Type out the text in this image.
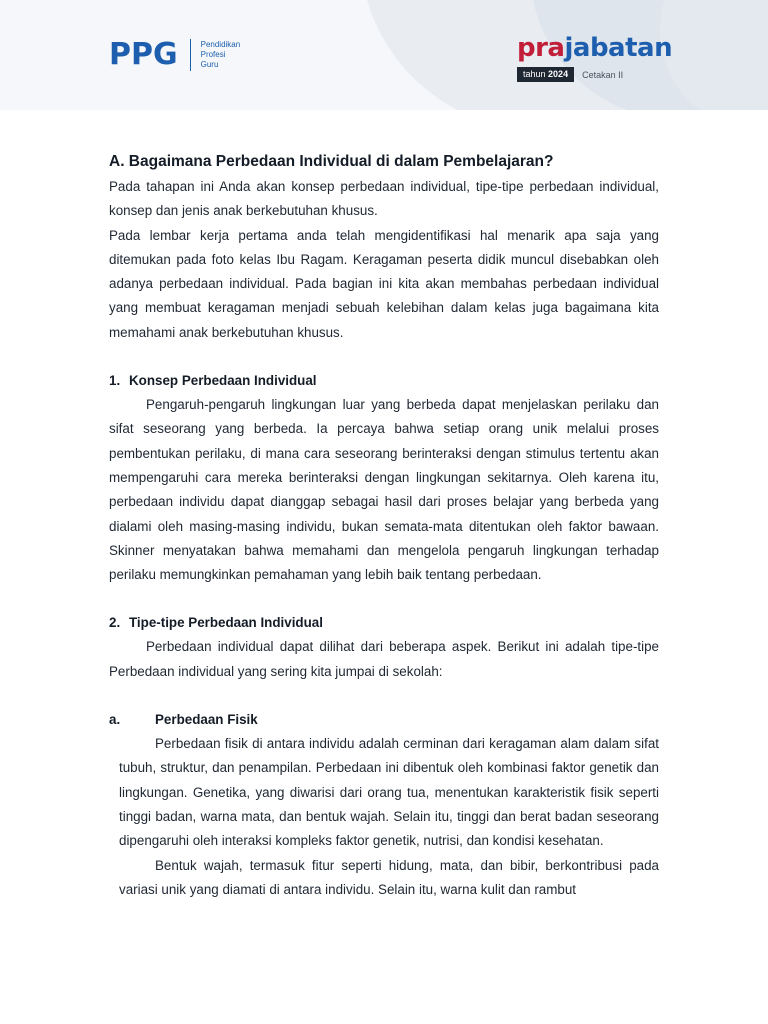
PPG	Pendidikan
Profesi
Guru
prajabatan
tahun 2024	Cetakan II
A. Bagaimana Perbedaan Individual di dalam Pembelajaran?

Pada tahapan ini Anda akan konsep perbedaan individual, tipe-tipe perbedaan individual, konsep dan jenis anak berkebutuhan khusus.

Pada lembar kerja pertama anda telah mengidentifikasi hal menarik apa saja yang ditemukan pada foto kelas Ibu Ragam. Keragaman peserta didik muncul disebabkan oleh adanya perbedaan individual. Pada bagian ini kita akan membahas perbedaan individual yang membuat keragaman menjadi sebuah kelebihan dalam kelas juga bagaimana kita memahami anak berkebutuhan khusus.

1. Konsep Perbedaan Individual

Pengaruh-pengaruh lingkungan luar yang berbeda dapat menjelaskan perilaku dan sifat seseorang yang berbeda. Ia percaya bahwa setiap orang unik melalui proses pembentukan perilaku, di mana cara seseorang berinteraksi dengan stimulus tertentu akan mempengaruhi cara mereka berinteraksi dengan lingkungan sekitarnya. Oleh karena itu, perbedaan individu dapat dianggap sebagai hasil dari proses belajar yang berbeda yang dialami oleh masing-masing individu, bukan semata-mata ditentukan oleh faktor bawaan. Skinner menyatakan bahwa memahami dan mengelola pengaruh lingkungan terhadap perilaku memungkinkan pemahaman yang lebih baik tentang perbedaan.

2. Tipe-tipe Perbedaan Individual

Perbedaan individual dapat dilihat dari beberapa aspek. Berikut ini adalah tipe-tipe Perbedaan individual yang sering kita jumpai di sekolah:

a.	Perbedaan Fisik

Perbedaan fisik di antara individu adalah cerminan dari keragaman alam dalam sifat tubuh, struktur, dan penampilan. Perbedaan ini dibentuk oleh kombinasi faktor genetik dan lingkungan. Genetika, yang diwarisi dari orang tua, menentukan karakteristik fisik seperti tinggi badan, warna mata, dan bentuk wajah. Selain itu, tinggi dan berat badan seseorang dipengaruhi oleh interaksi kompleks faktor genetik, nutrisi, dan kondisi kesehatan.

Bentuk wajah, termasuk fitur seperti hidung, mata, dan bibir, berkontribusi pada variasi unik yang diamati di antara individu. Selain itu, warna kulit dan rambut
